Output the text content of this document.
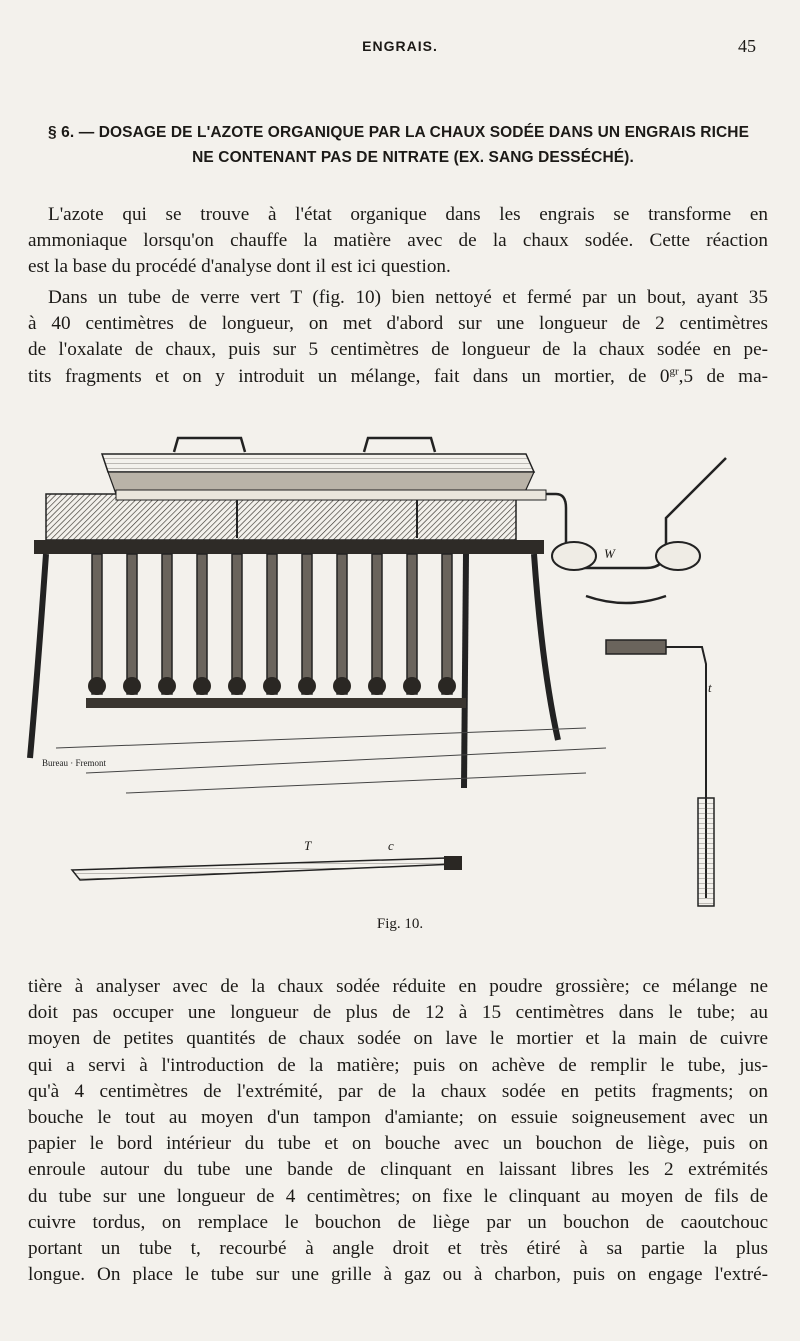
ENGRAIS.	45
§ 6. — DOSAGE DE L'AZOTE ORGANIQUE PAR LA CHAUX SODÉE DANS UN ENGRAIS RICHE
NE CONTENANT PAS DE NITRATE (EX. SANG DESSÉCHÉ).
L'azote qui se trouve à l'état organique dans les engrais se transforme en
ammoniaque lorsqu'on chauffe la matière avec de la chaux sodée. Cette réaction
est la base du procédé d'analyse dont il est ici question.
Dans un tube de verre vert T (fig. 10) bien nettoyé et fermé par un bout, ayant 35
à 40 centimètres de longueur, on met d'abord sur une longueur de 2 centimètres
de l'oxalate de chaux, puis sur 5 centimètres de longueur de la chaux sodée en pe-
tits fragments et on y introduit un mélange, fait dans un mortier, de $0^{gr},5$ de ma-
Bureau · Fremont
T	c
W
t
Fig. 10.
tière à analyser avec de la chaux sodée réduite en poudre grossière; ce mélange ne
doit pas occuper une longueur de plus de 12 à 15 centimètres dans le tube; au
moyen de petites quantités de chaux sodée on lave le mortier et la main de cuivre
qui a servi à l'introduction de la matière; puis on achève de remplir le tube, jus-
qu'à 4 centimètres de l'extrémité, par de la chaux sodée en petits fragments; on
bouche le tout au moyen d'un tampon d'amiante; on essuie soigneusement avec un
papier le bord intérieur du tube et on bouche avec un bouchon de liège, puis on
enroule autour du tube une bande de clinquant en laissant libres les 2 extrémités
du tube sur une longueur de 4 centimètres; on fixe le clinquant au moyen de fils de
cuivre tordus, on remplace le bouchon de liège par un bouchon de caoutchouc
portant un tube t, recourbé à angle droit et très étiré à sa partie la plus
longue. On place le tube sur une grille à gaz ou à charbon, puis on engage l'extré-
